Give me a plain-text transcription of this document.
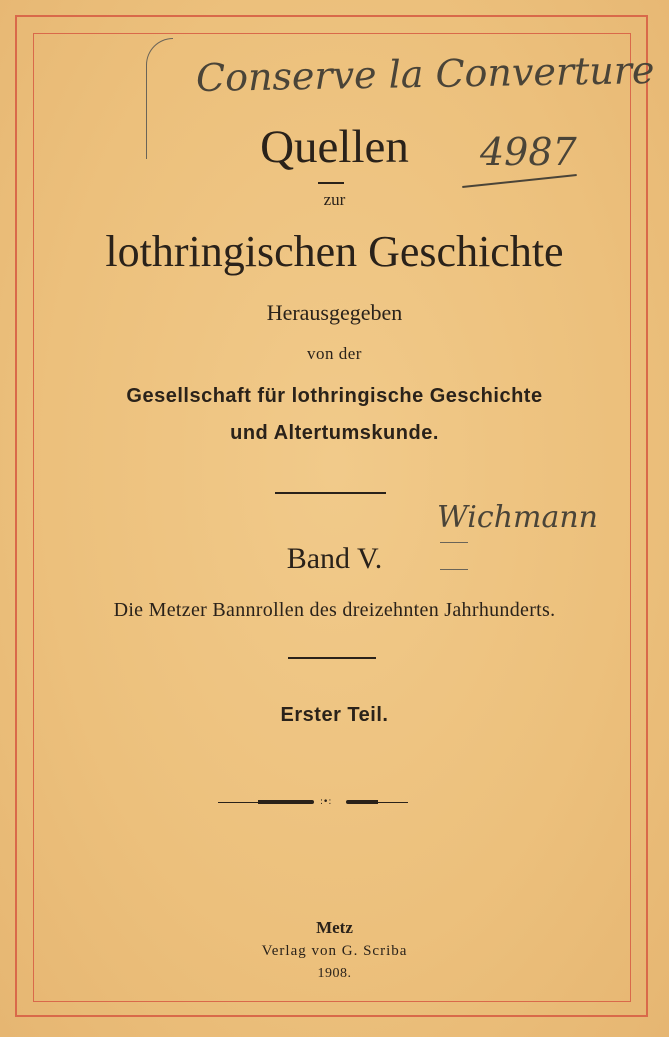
Conserve la Converture
4987
Wichmann

Quellen

zur

lothringischen Geschichte

Herausgegeben

von der

Gesellschaft für lothringische Geschichte

und Altertumskunde.

Band V.

Die Metzer Bannrollen des dreizehnten Jahrhunderts.

Erster Teil.

:•:

Metz

Verlag von G. Scriba

1908.
